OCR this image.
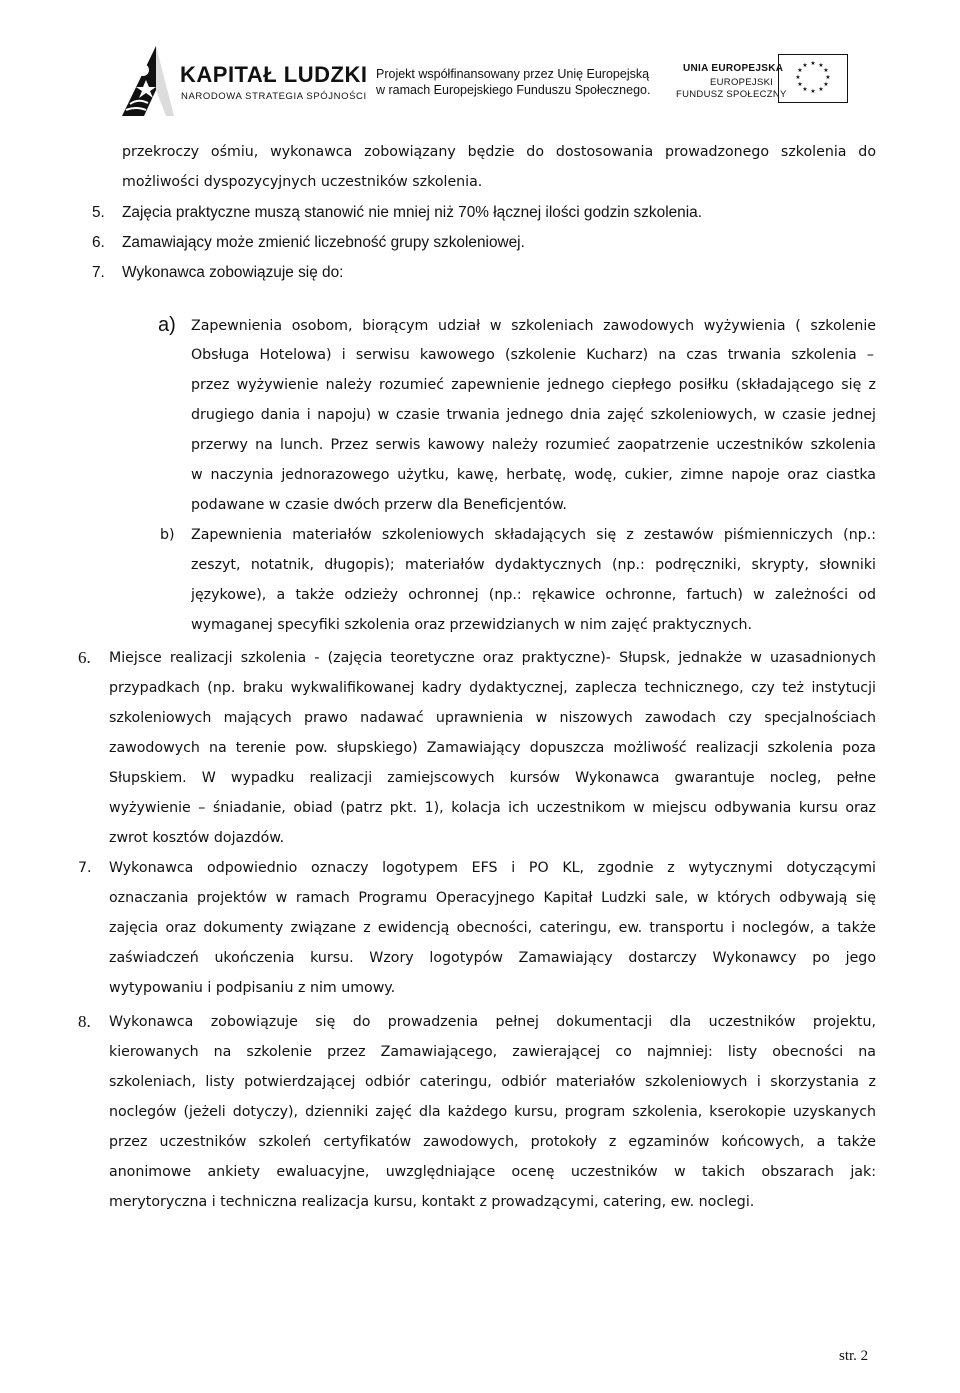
KAPITAŁ LUDZKI
NARODOWA STRATEGIA SPÓJNOŚCI
Projekt współfinansowany przez Unię Europejską
w ramach Europejskiego Funduszu Społecznego.
UNIA EUROPEJSKA
EUROPEJSKI
FUNDUSZ SPOŁECZNY
★ ★
★
★
★
★
★
★
★
★
★
★
przekroczy ośmiu, wykonawca zobowiązany będzie do dostosowania prowadzonego szkolenia do
możliwości dyspozycyjnych uczestników szkolenia.
5. Zajęcia praktyczne muszą stanowić nie mniej niż 70% łącznej ilości godzin szkolenia.
6. Zamawiający może zmienić liczebność grupy szkoleniowej.
7. Wykonawca zobowiązuje się do:
a) Zapewnienia osobom, biorącym udział w szkoleniach zawodowych wyżywienia ( szkolenie
Obsługa Hotelowa) i serwisu kawowego (szkolenie Kucharz) na czas trwania szkolenia –
przez wyżywienie należy rozumieć zapewnienie jednego ciepłego posiłku (składającego się z
drugiego dania i napoju) w czasie trwania jednego dnia zajęć szkoleniowych, w czasie jednej
przerwy na lunch. Przez serwis kawowy należy rozumieć zaopatrzenie uczestników szkolenia
w naczynia jednorazowego użytku, kawę, herbatę, wodę, cukier, zimne napoje oraz ciastka
podawane w czasie dwóch przerw dla Beneficjentów.
b) Zapewnienia materiałów szkoleniowych składających się z zestawów piśmienniczych (np.:
zeszyt, notatnik, długopis); materiałów dydaktycznych (np.: podręczniki, skrypty, słowniki
językowe), a także odzieży ochronnej (np.: rękawice ochronne, fartuch) w zależności od
wymaganej specyfiki szkolenia oraz przewidzianych w nim zajęć praktycznych.
6. Miejsce realizacji szkolenia - (zajęcia teoretyczne oraz praktyczne)- Słupsk, jednakże w uzasadnionych
przypadkach (np. braku wykwalifikowanej kadry dydaktycznej, zaplecza technicznego, czy też instytucji
szkoleniowych mających prawo nadawać uprawnienia w niszowych zawodach czy specjalnościach
zawodowych na terenie pow. słupskiego) Zamawiający dopuszcza możliwość realizacji szkolenia poza
Słupskiem. W wypadku realizacji zamiejscowych kursów Wykonawca gwarantuje nocleg, pełne
wyżywienie – śniadanie, obiad (patrz pkt. 1), kolacja ich uczestnikom w miejscu odbywania kursu oraz
zwrot kosztów dojazdów.
7. Wykonawca odpowiednio oznaczy logotypem EFS i PO KL, zgodnie z wytycznymi dotyczącymi
oznaczania projektów w ramach Programu Operacyjnego Kapitał Ludzki sale, w których odbywają się
zajęcia oraz dokumenty związane z ewidencją obecności, cateringu, ew. transportu i noclegów, a także
zaświadczeń ukończenia kursu. Wzory logotypów Zamawiający dostarczy Wykonawcy po jego
wytypowaniu i podpisaniu z nim umowy.
8. Wykonawca zobowiązuje się do prowadzenia pełnej dokumentacji dla uczestników projektu,
kierowanych na szkolenie przez Zamawiającego, zawierającej co najmniej: listy obecności na
szkoleniach, listy potwierdzającej odbiór cateringu, odbiór materiałów szkoleniowych i skorzystania z
noclegów (jeżeli dotyczy), dzienniki zajęć dla każdego kursu, program szkolenia, kserokopie uzyskanych
przez uczestników szkoleń certyfikatów zawodowych, protokoły z egzaminów końcowych, a także
anonimowe ankiety ewaluacyjne, uwzględniające ocenę uczestników w takich obszarach jak:
merytoryczna i techniczna realizacja kursu, kontakt z prowadzącymi, catering, ew. noclegi.
str. 2
